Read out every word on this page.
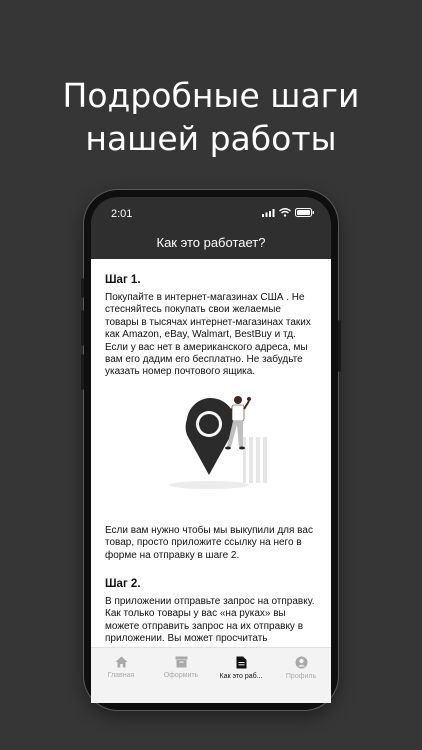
Подробные шаги
нашей работы
2:01
Как это работает?

Шаг 1.

Покупайте в интернет-магазинах США . Не стесняйтесь покупать свои желаемые товары в тысячах интернет-магазинах таких как Amazon, eBay, Walmart, BestBuy и тд. Если у вас нет в американского адреса, мы вам его дадим его бесплатно. Не забудьте указать номер почтового ящика.

Если вам нужно чтобы мы выкупили для вас товар, просто приложите ссылку на него в форме на отправку в шаге 2.

Шаг 2.

В приложении отправьте запрос на отправку. Как только товары у вас «на руках» вы можете отправить запрос на их отправку в приложении. Вы может просчитать

Главная	Оформить	Как это раб...	Профиль
